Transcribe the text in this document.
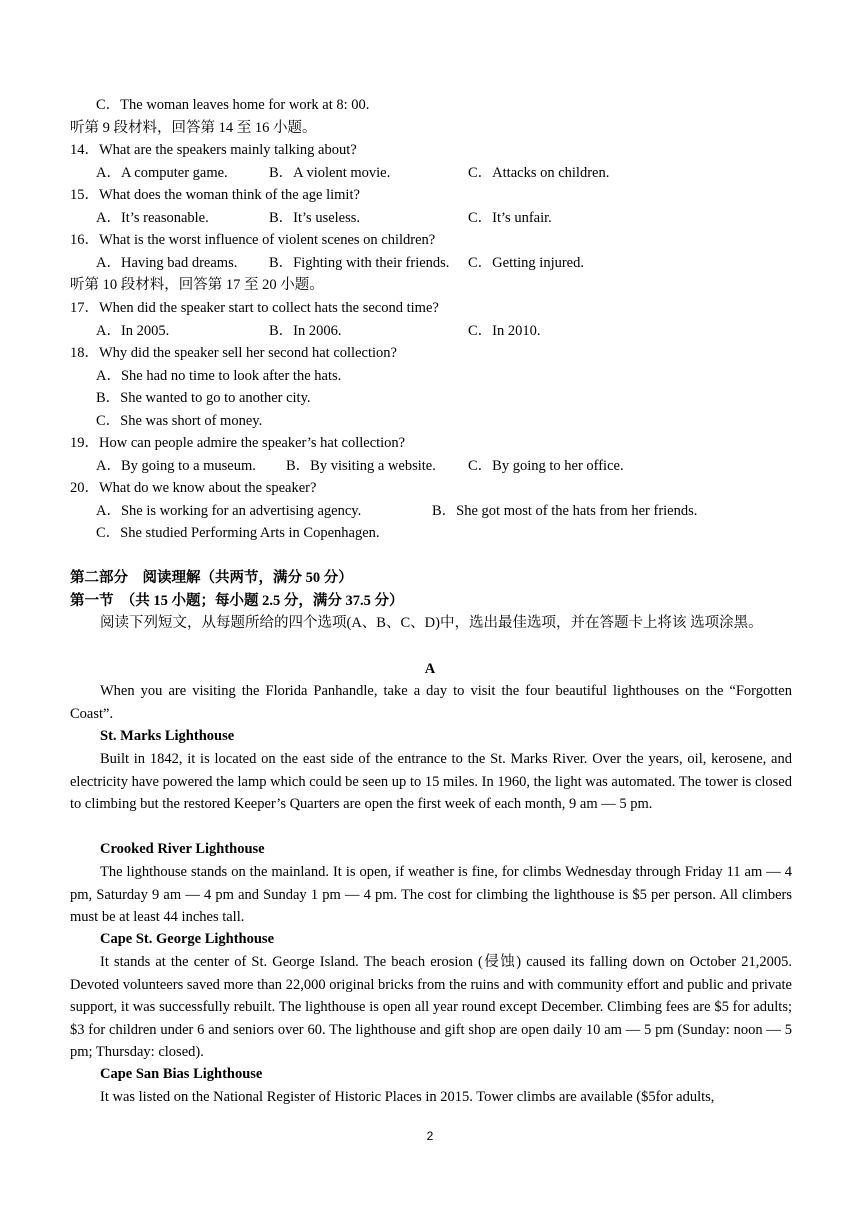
C．The woman leaves home for work at 8: 00.
听第 9 段材料，回答第 14 至 16 小题。
14．What are the speakers mainly talking about?
A．A computer game.	B．A violent movie.	C．Attacks on children.
15．What does the woman think of the age limit?
A．It’s reasonable.	B．It’s useless.	C．It’s unfair.
16．What is the worst influence of violent scenes on children?
A．Having bad dreams. B．Fighting with their friends. C．Getting injured.
听第 10 段材料，回答第 17 至 20 小题。
17．When did the speaker start to collect hats the second time?
A．In 2005.	B．In 2006.	C．In 2010.
18．Why did the speaker sell her second hat collection?
A．She had no time to look after the hats.
B．She wanted to go to another city.
C．She was short of money.
19．How can people admire the speaker’s hat collection?
A．By going to a museum. B．By visiting a website. C．By going to her office.
20．What do we know about the speaker?
A．She is working for an advertising agency.	B．She got most of the hats from her friends.
C．She studied Performing Arts in Copenhagen.
第二部分　阅读理解（共两节，满分 50 分）
第一节　（共 15 小题；每小题 2.5 分，满分 37.5 分）
阅读下列短文，从每题所给的四个选项(A、B、C、D)中，选出最佳选项，并在答题卡上将该 选项涂黑。
A
When you are visiting the Florida Panhandle, take a day to visit the four beautiful lighthouses on the “Forgotten Coast”.
St. Marks Lighthouse
Built in 1842, it is located on the east side of the entrance to the St. Marks River. Over the years, oil, kerosene, and electricity have powered the lamp which could be seen up to 15 miles. In 1960, the light was automated. The tower is closed to climbing but the restored Keeper’s Quarters are open the first week of each month, 9 am — 5 pm.
Crooked River Lighthouse
The lighthouse stands on the mainland. It is open, if weather is fine, for climbs Wednesday through Friday 11 am — 4 pm, Saturday 9 am — 4 pm and Sunday 1 pm — 4 pm. The cost for climbing the lighthouse is $5 per person. All climbers must be at least 44 inches tall.
Cape St. George Lighthouse
It stands at the center of St. George Island. The beach erosion (侵蚀) caused its falling down on October 21,2005. Devoted volunteers saved more than 22,000 original bricks from the ruins and with community effort and public and private support, it was successfully rebuilt. The lighthouse is open all year round except December. Climbing fees are $5 for adults; $3 for children under 6 and seniors over 60. The lighthouse and gift shop are open daily 10 am — 5 pm (Sunday: noon — 5 pm; Thursday: closed).
Cape San Bias Lighthouse
It was listed on the National Register of Historic Places in 2015. Tower climbs are available ($5for adults,
2
